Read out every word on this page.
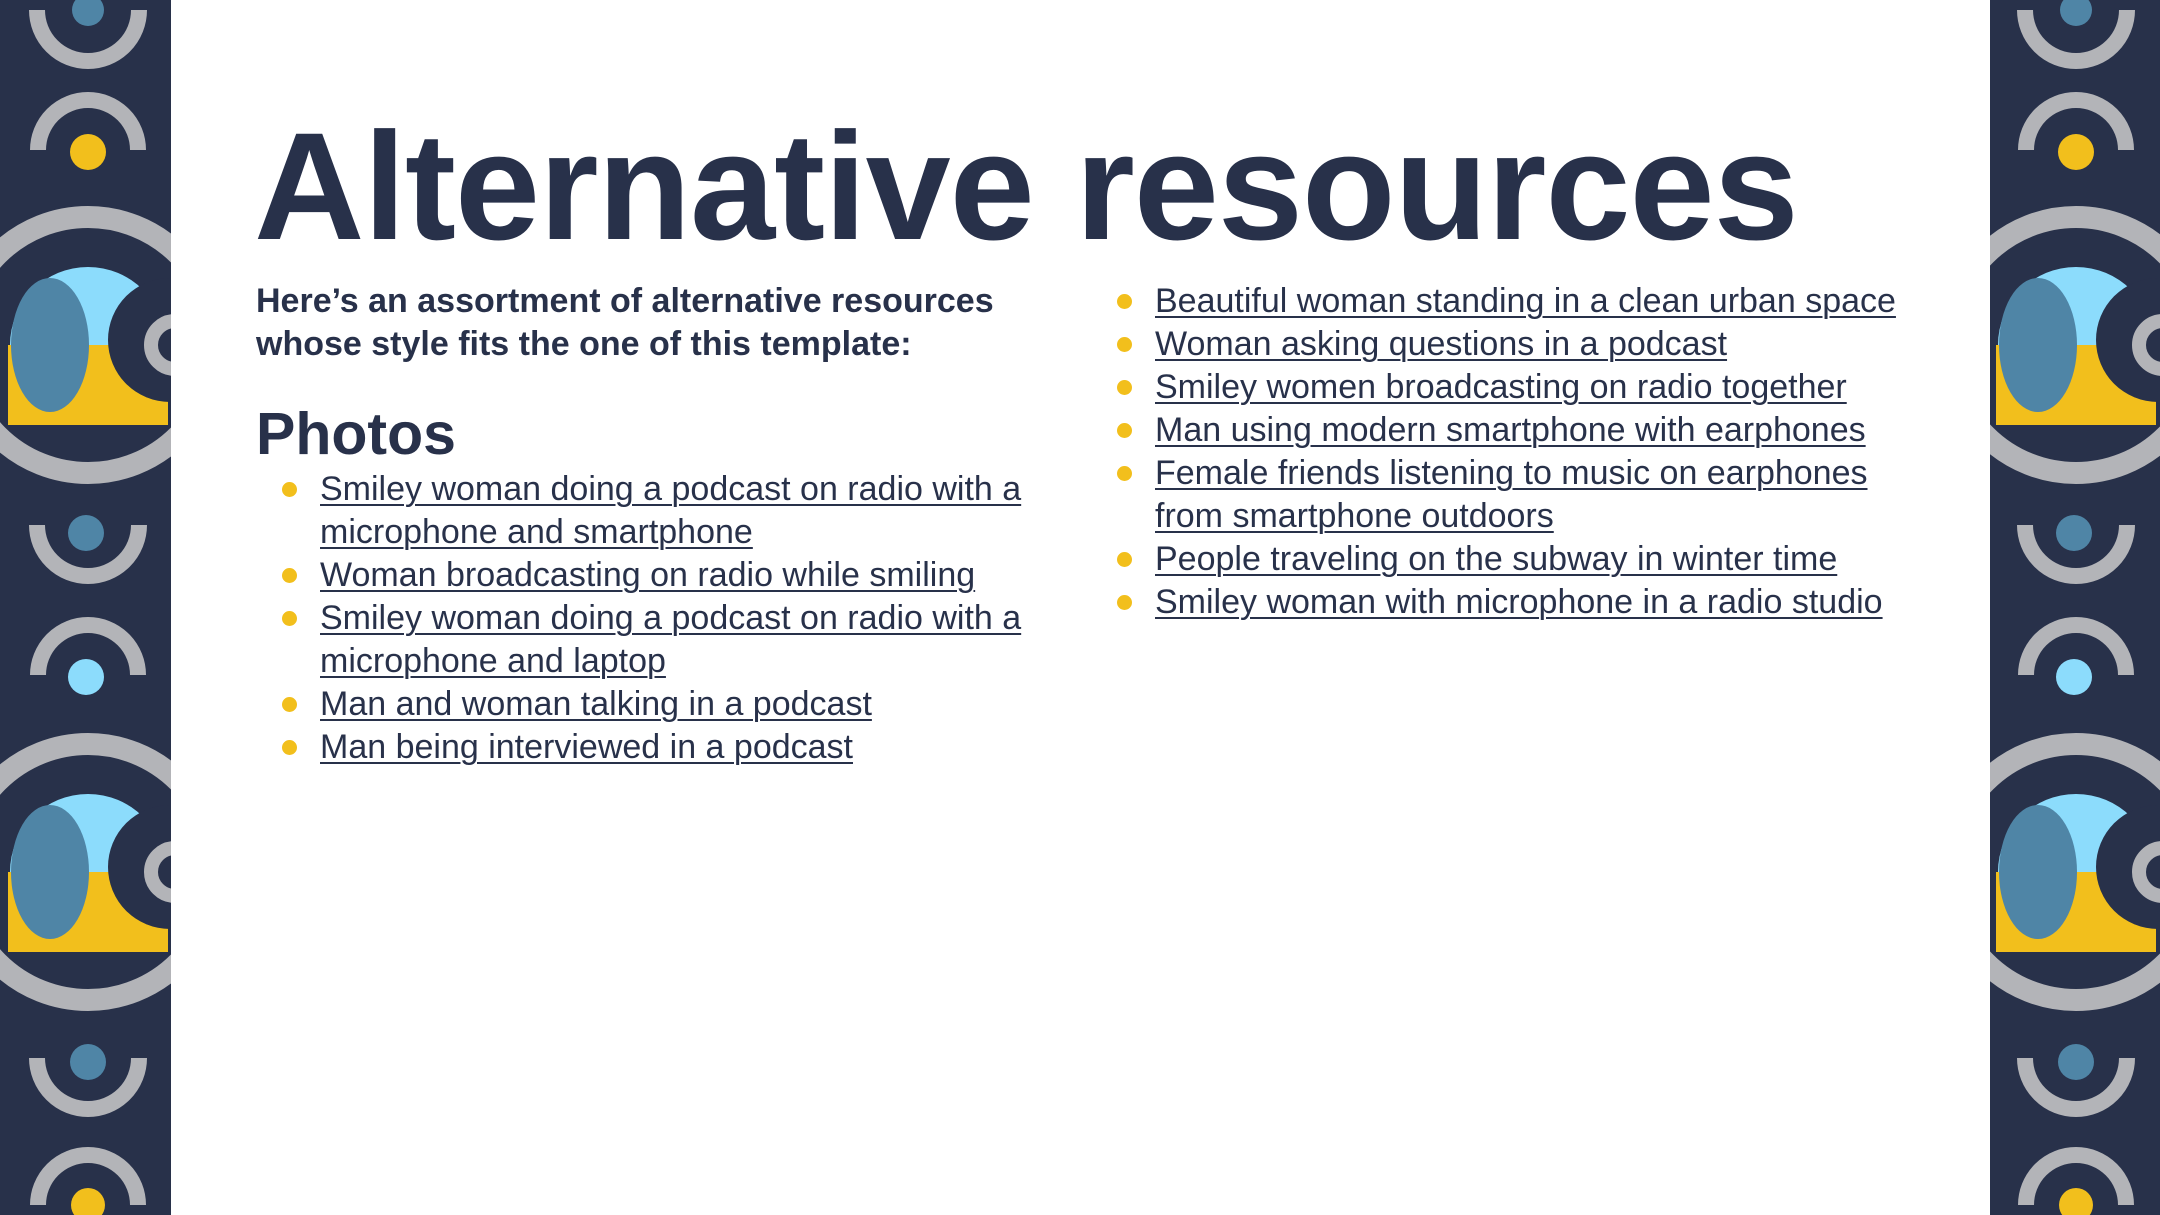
Alternative resources

Here’s an assortment of alternative resources whose style fits the one of this template:

Photos
Smiley woman doing a podcast on radio with a microphone and smartphone
Woman broadcasting on radio while smiling
Smiley woman doing a podcast on radio with a microphone and laptop
Man and woman talking in a podcast
Man being interviewed in a podcast
Beautiful woman standing in a clean urban space
Woman asking questions in a podcast
Smiley women broadcasting on radio together
Man using modern smartphone with earphones
Female friends listening to music on earphones from smartphone outdoors
People traveling on the subway in winter time
Smiley woman with microphone in a radio studio
